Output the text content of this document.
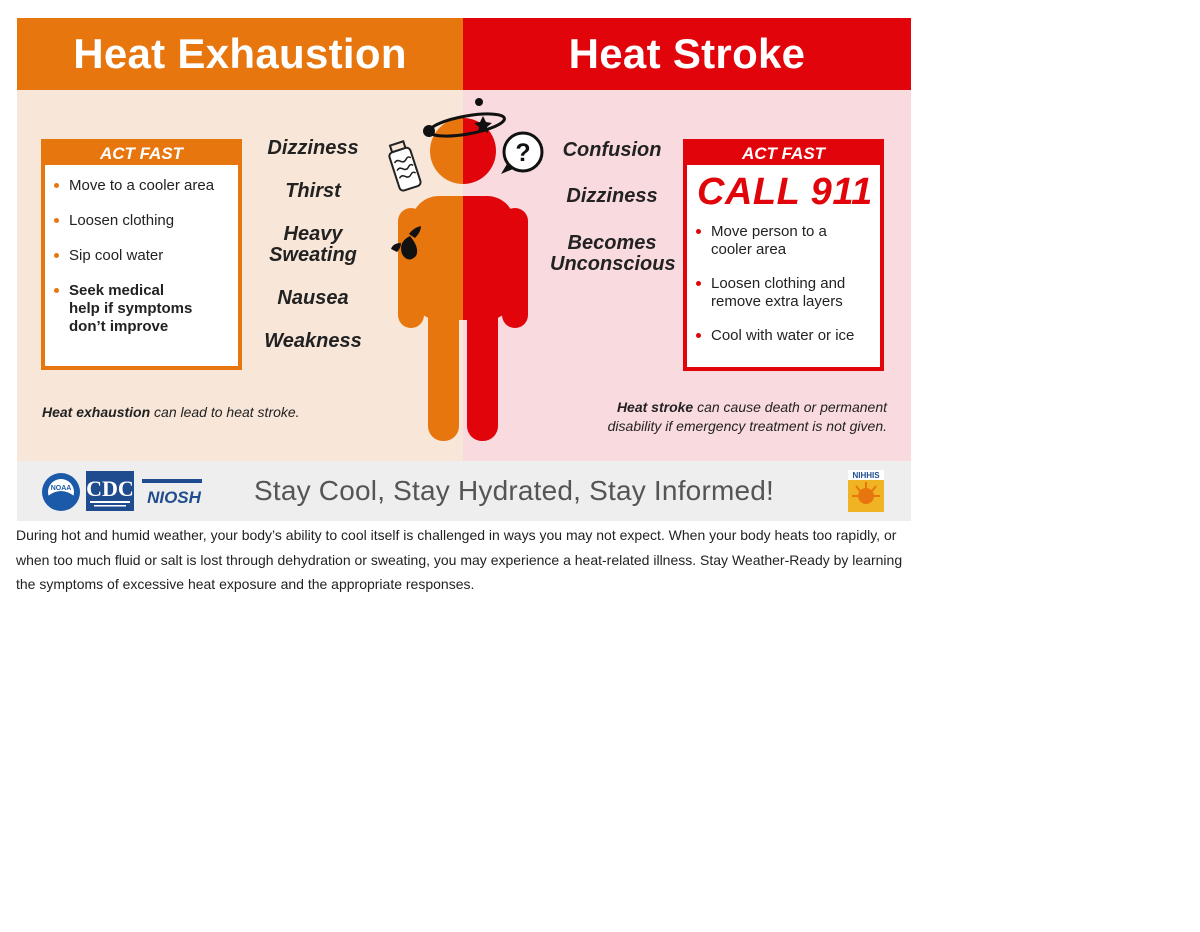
Heat Exhaustion	Heat Stroke
?
ACT FAST
Move to a cooler area
Loosen clothing
Sip cool water
Seek medical help if symptoms don’t improve
Dizziness
Thirst
Heavy Sweating
Nausea
Weakness
Confusion
Dizziness
Becomes Unconscious
ACT FAST
CALL 911
Move person to a cooler area
Loosen clothing and remove extra layers
Cool with water or ice
Heat exhaustion can lead to heat stroke.	Heat stroke can cause death or permanent disability if emergency treatment is not given.
NOAA CDC NIOSH Stay Cool, Stay Hydrated, Stay Informed!	NIHHIS
During hot and humid weather, your body’s ability to cool itself is challenged in ways you may not expect. When your body heats too rapidly, or when too much fluid or salt is lost through dehydration or sweating, you may experience a heat-related illness. Stay Weather-Ready by learning the symptoms of excessive heat exposure and the appropriate responses.
